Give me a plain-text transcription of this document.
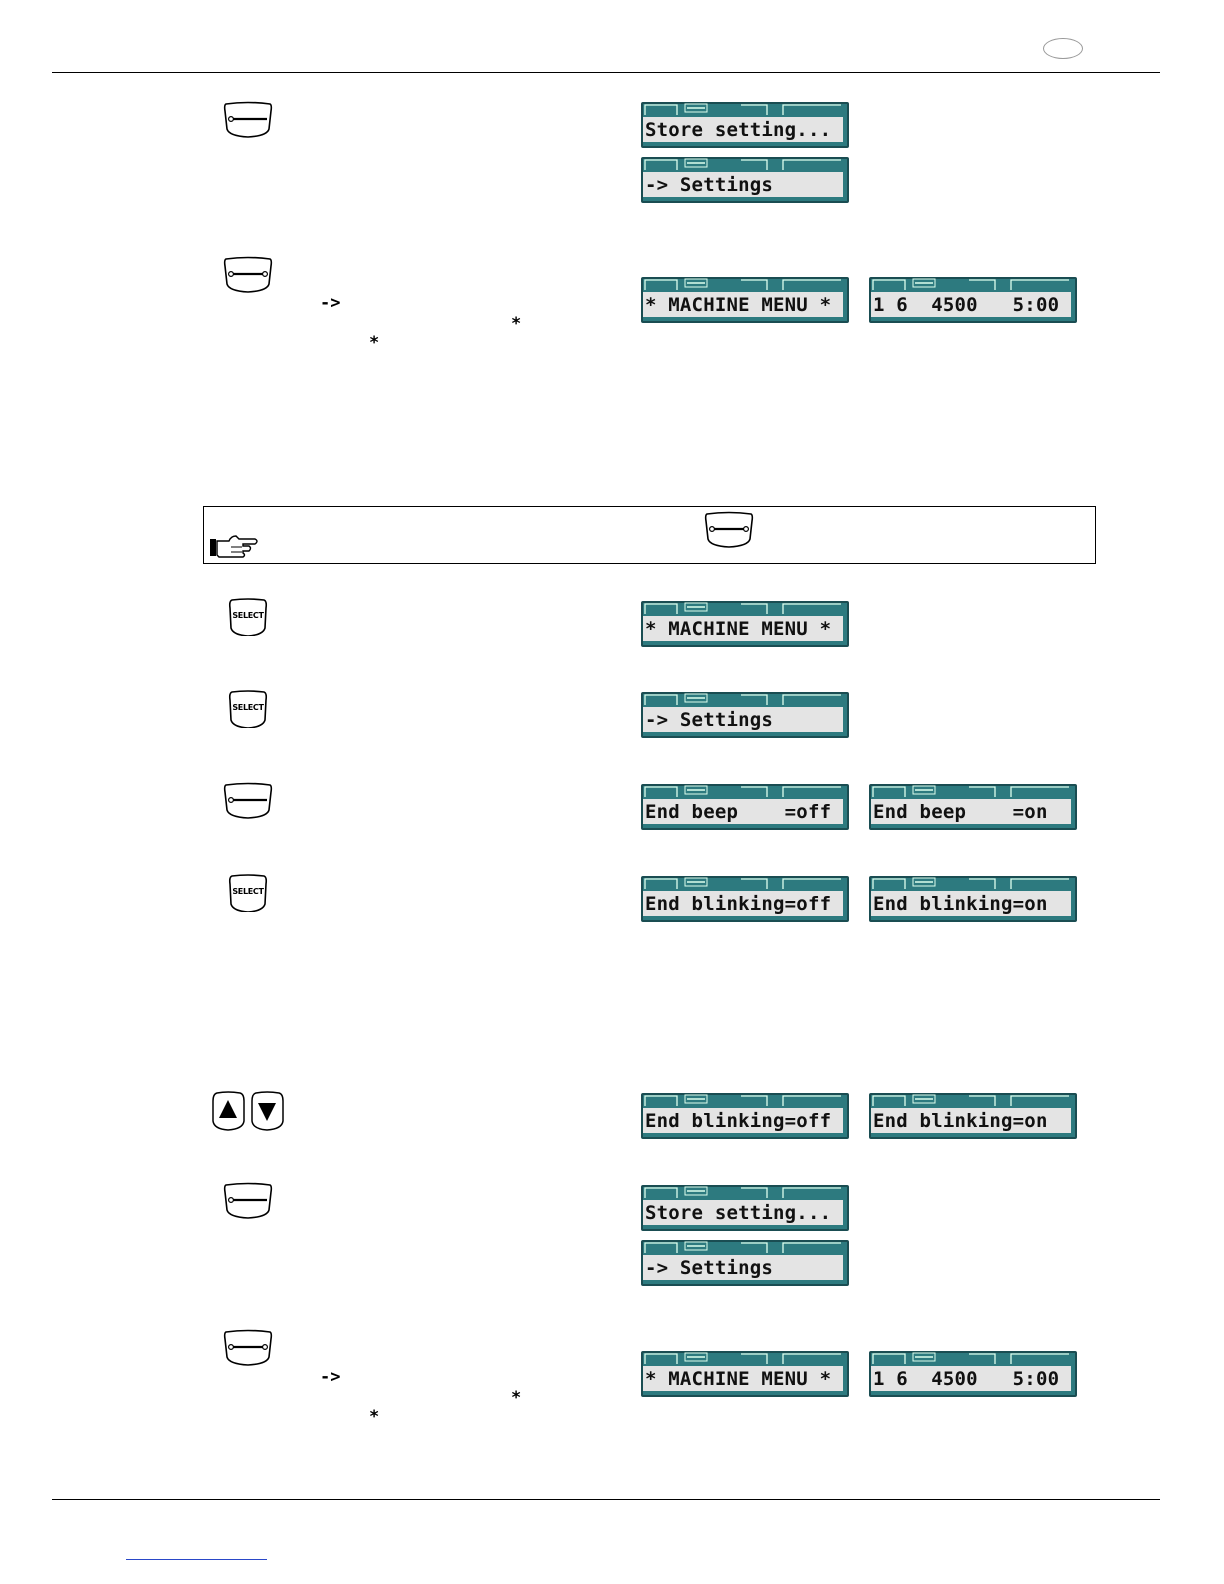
Store setting...
-> Settings
->
*
*
* MACHINE MENU * 1 6  4500   5:00
SELECT
* MACHINE MENU *
SELECT
-> Settings
End beep    =off End beep    =on
SELECT
End blinking=off End blinking=on
End blinking=off End blinking=on
Store setting...
-> Settings
->
*
*
* MACHINE MENU * 1 6  4500   5:00
